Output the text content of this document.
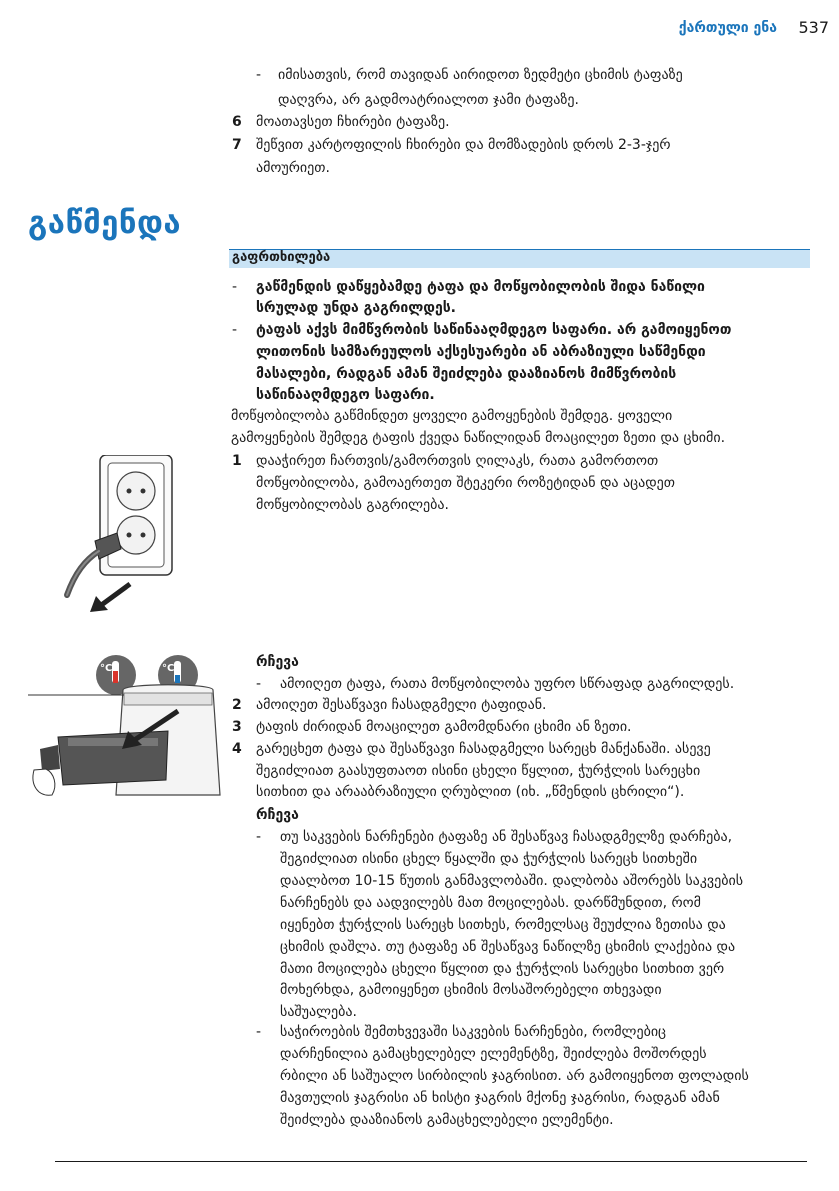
ქართული ენა 537
- იმისათვის, რომ თავიდან აირიდოთ ზედმეტი ცხიმის ტაფაზე
დაღვრა, არ გადმოატრიალოთ ჯამი ტაფაზე.
6 მოათავსეთ ჩხირები ტაფაზე.
7 შეწვით კარტოფილის ჩხირები და მომზადების დროს 2-3-ჯერ
ამოურიეთ.
გაწმენდა
გაფრთხილება
- გაწმენდის დაწყებამდე ტაფა და მოწყობილობის შიდა ნაწილი
სრულად უნდა გაგრილდეს.
- ტაფას აქვს მიმწვრობის საწინააღმდეგო საფარი. არ გამოიყენოთ
ლითონის სამზარეულოს აქსესუარები ან აბრაზიული საწმენდი
მასალები, რადგან ამან შეიძლება დააზიანოს მიმწვრობის
საწინააღმდეგო საფარი.
მოწყობილობა გაწმინდეთ ყოველი გამოყენების შემდეგ. ყოველი
გამოყენების შემდეგ ტაფის ქვედა ნაწილიდან მოაცილეთ ზეთი და ცხიმი.
1 დააჭირეთ ჩართვის/გამორთვის ღილაკს, რათა გამორთოთ
მოწყობილობა, გამოაერთეთ შტეკერი როზეტიდან და აცადეთ
მოწყობილობას გაგრილება.
რჩევა
- ამოიღეთ ტაფა, რათა მოწყობილობა უფრო სწრაფად გაგრილდეს.
2 ამოიღეთ შესაწვავი ჩასადგმელი ტაფიდან.
3 ტაფის ძირიდან მოაცილეთ გამომდნარი ცხიმი ან ზეთი.
4 გარეცხეთ ტაფა და შესაწვავი ჩასადგმელი სარეცხ მანქანაში. ასევე
შეგიძლიათ გაასუფთაოთ ისინი ცხელი წყლით, ჭურჭლის სარეცხი
სითხით და არააბრაზიული ღრუბლით (იხ. „წმენდის ცხრილი“).
°C	°C
რჩევა
- თუ საკვების ნარჩენები ტაფაზე ან შესაწვავ ჩასადგმელზე დარჩება,
შეგიძლიათ ისინი ცხელ წყალში და ჭურჭლის სარეცხ სითხეში
დაალბოთ 10-15 წუთის განმავლობაში. დალბობა აშორებს საკვების
ნარჩენებს და აადვილებს მათ მოცილებას. დარწმუნდით, რომ
იყენებთ ჭურჭლის სარეცხ სითხეს, რომელსაც შეუძლია ზეთისა და
ცხიმის დაშლა. თუ ტაფაზე ან შესაწვავ ნაწილზე ცხიმის ლაქებია და
მათი მოცილება ცხელი წყლით და ჭურჭლის სარეცხი სითხით ვერ
მოხერხდა, გამოიყენეთ ცხიმის მოსაშორებელი თხევადი
საშუალება.
- საჭიროების შემთხვევაში საკვების ნარჩენები, რომლებიც
დარჩენილია გამაცხელებელ ელემენტზე, შეიძლება მოშორდეს
რბილი ან საშუალო სირბილის ჯაგრისით. არ გამოიყენოთ ფოლადის
მავთულის ჯაგრისი ან ხისტი ჯაგრის მქონე ჯაგრისი, რადგან ამან
შეიძლება დააზიანოს გამაცხელებელი ელემენტი.
